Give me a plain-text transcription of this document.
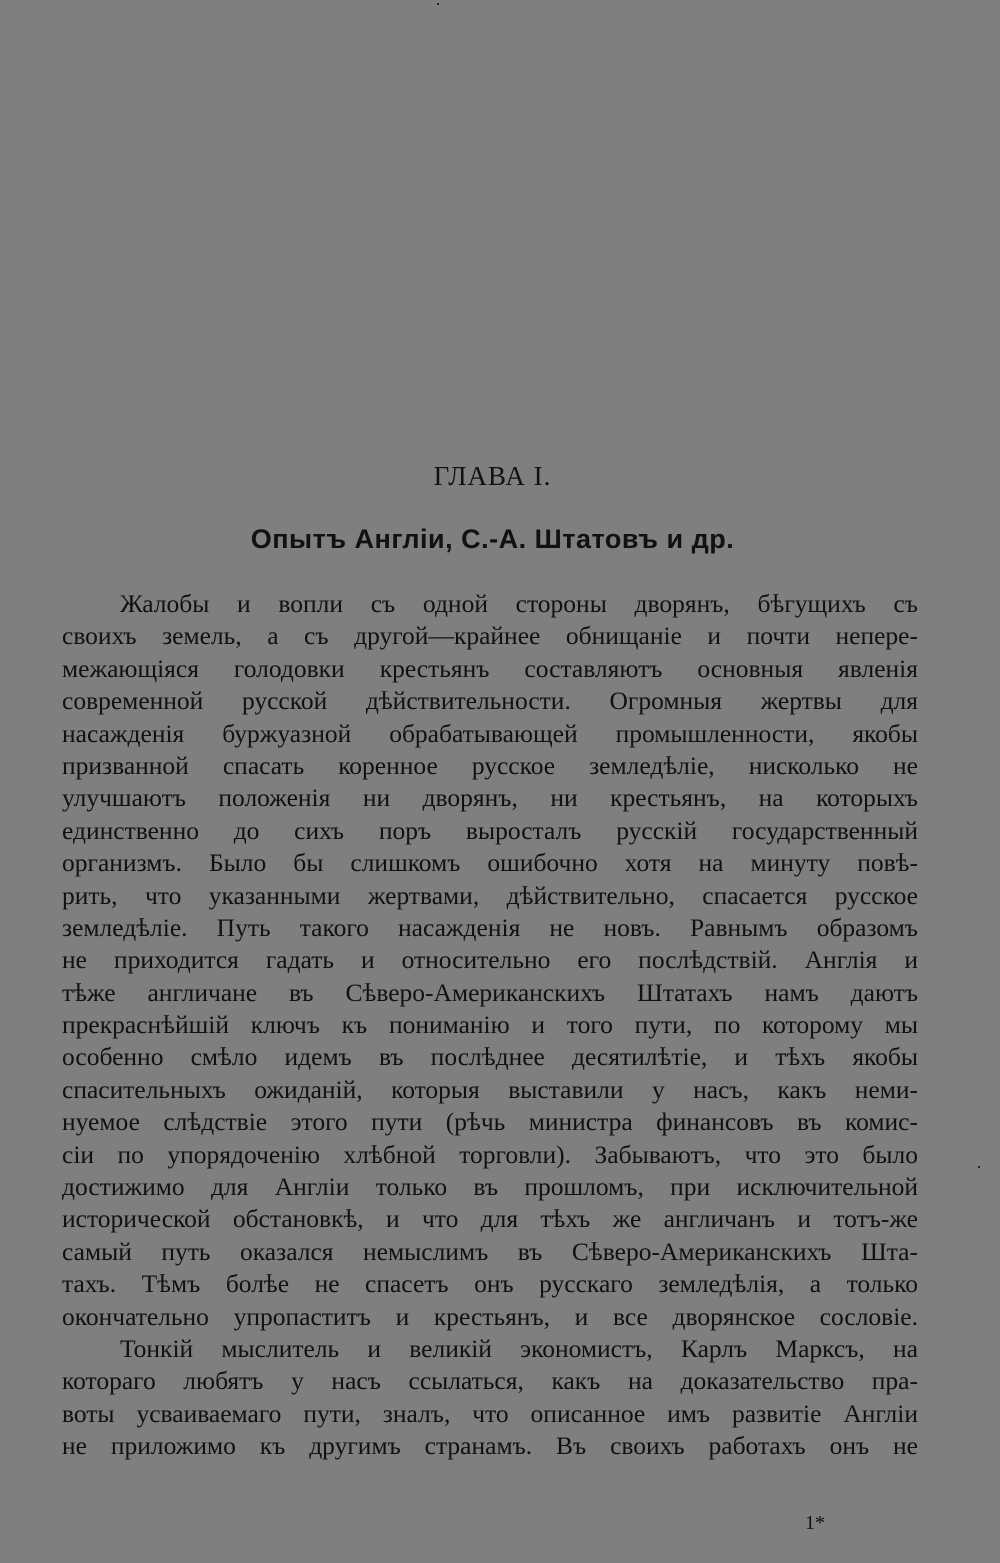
ГЛАВА I.
Опытъ Англіи, С.-А. Штатовъ и др.
Жалобы и вопли съ одной стороны дворянъ, бѣгущихъ съ
своихъ земель, а съ другой—крайнее обнищаніе и почти непере-
межающіяся голодовки крестьянъ составляютъ основныя явленія
современной русской дѣйствительности. Огромныя жертвы для
насажденія буржуазной обрабатывающей промышленности, якобы
призванной спасать коренное русское земледѣліе, нисколько не
улучшаютъ положенія ни дворянъ, ни крестьянъ, на которыхъ
единственно до сихъ поръ выросталъ русскій государственный
организмъ. Было бы слишкомъ ошибочно хотя на минуту повѣ-
рить, что указанными жертвами, дѣйствительно, спасается русское
земледѣліе. Путь такого насажденія не новъ. Равнымъ образомъ
не приходится гадать и относительно его послѣдствій. Англія и
тѣже англичане въ Сѣверо-Американскихъ Штатахъ намъ даютъ
прекраснѣйшій ключъ къ пониманію и того пути, по которому мы
особенно смѣло идемъ въ послѣднее десятилѣтіе, и тѣхъ якобы
спасительныхъ ожиданій, которыя выставили у насъ, какъ неми-
нуемое слѣдствіе этого пути (рѣчь министра финансовъ въ комис-
сіи по упорядоченію хлѣбной торговли). Забываютъ, что это было
достижимо для Англіи только въ прошломъ, при исключительной
исторической обстановкѣ, и что для тѣхъ же англичанъ и тотъ-же
самый путь оказался немыслимъ въ Сѣверо-Американскихъ Шта-
тахъ. Тѣмъ болѣе не спасетъ онъ русскаго земледѣлія, а только
окончательно упропаститъ и крестьянъ, и все дворянское сословіе.
Тонкій мыслитель и великій экономистъ, Карлъ Марксъ, на
котораго любятъ у насъ ссылаться, какъ на доказательство пра-
воты усваиваемаго пути, зналъ, что описанное имъ развитіе Англіи
не приложимо къ другимъ странамъ. Въ своихъ работахъ онъ не
1*
